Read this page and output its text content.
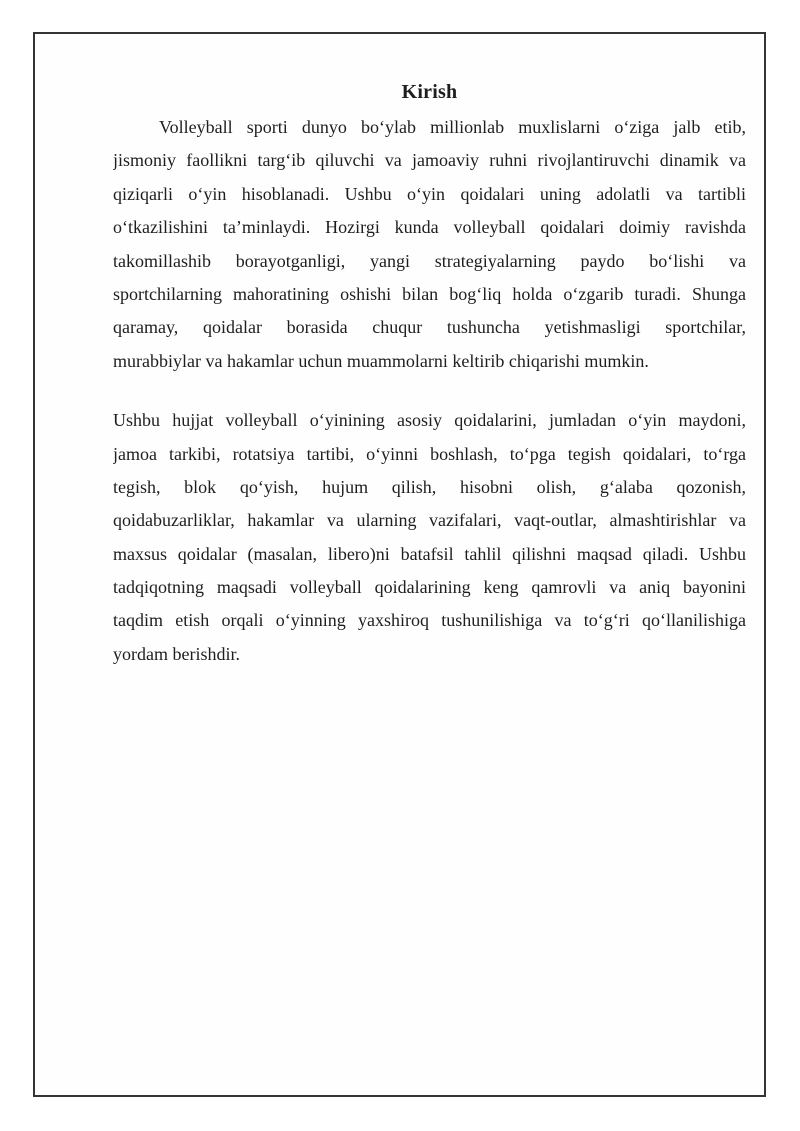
Kirish
Volleyball sporti dunyo boʻylab millionlab muxlislarni oʻziga jalb etib,
jismoniy faollikni targʻib qiluvchi va jamoaviy ruhni rivojlantiruvchi dinamik va
qiziqarli oʻyin hisoblanadi. Ushbu oʻyin qoidalari uning adolatli va tartibli
oʻtkazilishini ta’minlaydi. Hozirgi kunda volleyball qoidalari doimiy ravishda
takomillashib borayotganligi, yangi strategiyalarning paydo boʻlishi va
sportchilarning mahoratining oshishi bilan bogʻliq holda oʻzgarib turadi. Shunga
qaramay, qoidalar borasida chuqur tushuncha yetishmasligi sportchilar,
murabbiylar va hakamlar uchun muammolarni keltirib chiqarishi mumkin.
Ushbu hujjat volleyball oʻyinining asosiy qoidalarini, jumladan oʻyin maydoni,
jamoa tarkibi, rotatsiya tartibi, oʻyinni boshlash, toʻpga tegish qoidalari, toʻrga
tegish, blok qoʻyish, hujum qilish, hisobni olish, gʻalaba qozonish,
qoidabuzarliklar, hakamlar va ularning vazifalari, vaqt-outlar, almashtirishlar va
maxsus qoidalar (masalan, libero)ni batafsil tahlil qilishni maqsad qiladi. Ushbu
tadqiqotning maqsadi volleyball qoidalarining keng qamrovli va aniq bayonini
taqdim etish orqali oʻyinning yaxshiroq tushunilishiga va toʻgʻri qoʻllanilishiga
yordam berishdir.
